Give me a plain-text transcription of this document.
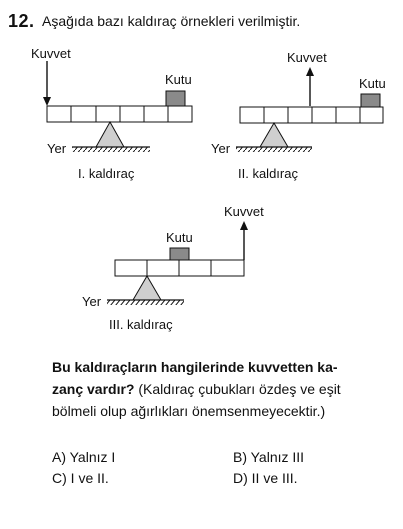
12. Aşağıda bazı kaldıraç örnekleri verilmiştir.
Kuvvet
Kutu
Yer
I. kaldıraç
Kuvvet
Kutu
Yer
II. kaldıraç
Kuvvet
Kutu
Yer
III. kaldıraç
Bu kaldıraçların hangilerinde kuvvetten ka-
zanç vardır? (Kaldıraç çubukları özdeş ve eşit
bölmeli olup ağırlıkları önemsenmeyecektir.)
A) Yalnız I	B) Yalnız III
C) I ve II.	D) II ve III.
